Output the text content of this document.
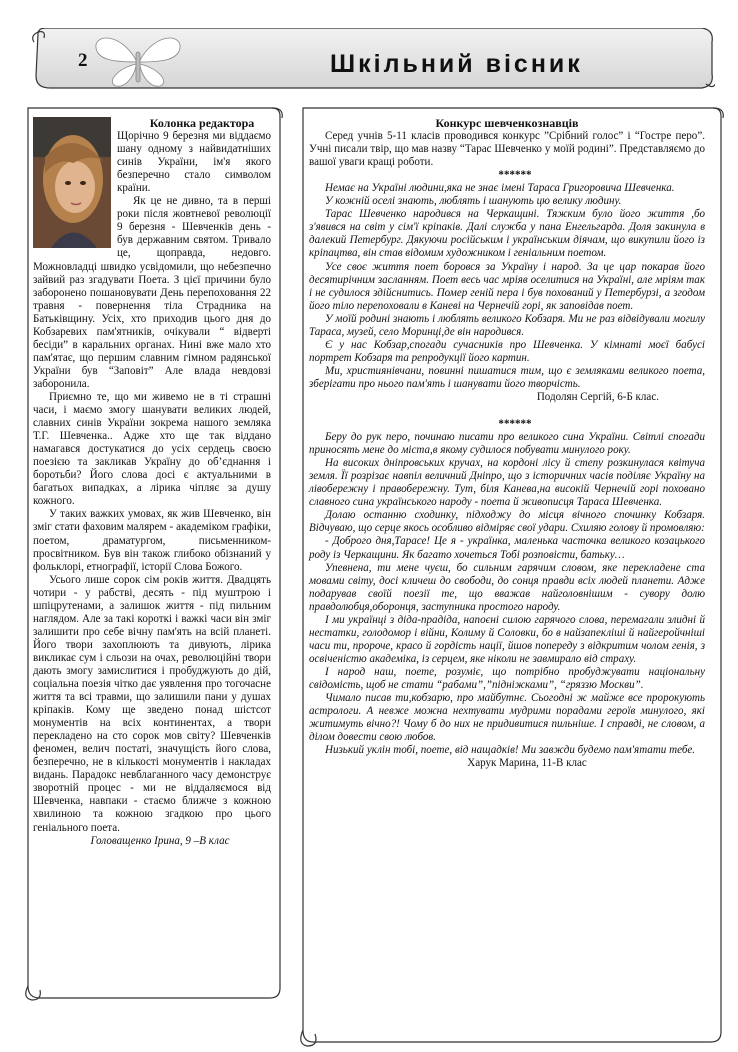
2	Шкільний вісник

Колонка редактора

Щорічно 9 березня ми віддаємо шану одному з найвидатніших синів України, ім'я якого безперечно стало символом країни.

Як це не дивно, та в перші роки після жовтневої революції 9 березня - Шевченків день - був державним святом. Тривало це, щоправда, недовго. Можновладці швидко усвідомили, що небезпечно зайвий раз згадувати Поета. З цієї причини було заборонено пошановувати День перепоховання 22 травня - повернення тіла Страдника на Батьківщину. Усіх, хто приходив цього дня до Кобзаревих пам'ятників, очікували “ відверті бесіди” в каральних органах. Нині вже мало хто пам'ятає, що першим славним гімном радянської України був “Заповіт” Але влада невдовзі заборонила.

Приємно те, що ми живемо не в ті страшні часи, і маємо змогу шанувати великих людей, славних синів України зокрема нашого земляка Т.Г. Шевченка.. Адже хто ще так віддано намагався достукатися до усіх сердець своєю поезією та закликав Україну до об’єднання і боротьби? Його слова досі є актуальними в багатьох випадках, а лірика чіпляє за душу кожного.

У таких важких умовах, як жив Шевченко, він зміг стати фаховим малярем - академіком графіки, поетом, драматургом, письменником-просвітником. Був він також глибоко обізнаний у фольклорі, етнографії, історії Слова Божого.

Усього лише сорок сім років життя. Двадцять чотири - у рабстві, десять - під муштрою і шпіцрутенами, а залишок життя - під пильним наглядом. Але за такі короткі і важкі часи він зміг залишити про себе вічну пам'ять на всій планеті. Його твори захоплюють та дивують, лірика викликає сум і сльози на очах, революційні твори дають змогу замислитися і пробуджують до дій, соціальна поезія чітко дає уявлення про тогочасне життя та всі травми, що залишили пани у душах кріпаків. Кому ще зведено понад шістсот монументів на всіх континентах, а твори перекладено на сто сорок мов світу? Шевченків феномен, велич постаті, значущість його слова, безперечно, не в кількості монументів і накладах видань. Парадокс невблаганного часу демонструє зворотній процес - ми не віддаляємося від Шевченка, навпаки - стаємо ближче з кожною хвилиною та кожною згадкою про цього геніального поета.

Головащенко Ірина, 9 –В клас

Конкурс шевченкознавців

Серед учнів 5-11 класів проводився конкурс ”Срібний голос” і “Гостре перо”. Учні писали твір, що мав назву “Тарас Шевченко у моїй родині”. Представляємо до вашої уваги кращі роботи.

******

Немає на Україні людини,яка не знає імені Тараса Григоровича Шевченка.

У кожній оселі знають, люблять і шанують цю велику людину.

Тарас Шевченко народився на Черкащині. Тяжким було його життя ,бо з'явився на світ у сім'ї кріпаків. Далі служба у пана Енгельгарда. Доля закинула в далекий Петербург. Дякуючи російським і українським діячам, що викупили його із кріпацтва, він став відомим художником і геніальним поетом.

Усе своє життя поет боровся за Україну і народ. За це цар покарав його десятирічним засланням. Поет весь час мріяв оселитися на Україні, але мріям так і не судилося здійснитись. Помер геній пера і був похований у Петербурзі, а згодом його тіло перепоховали в Каневі на Чернечій горі, як заповідав поет.

У моїй родині знають і люблять великого Кобзаря. Ми не раз відвідували могилу Тараса, музей, село Моринці,де він народився.

Є у нас Кобзар,спогади сучасників про Шевченка. У кімнаті моєї бабусі портрет Кобзаря та репродукції його картин.

Ми, християнівчани, повинні пишатися тим, що є земляками великого поета, зберігати про нього пам'ять і шанувати його творчість.

Подолян Сергій, 6-Б клас.

******

Беру до рук перо, починаю писати про великого сина України. Світлі спогади приносять мене до міста,в якому судилося побувати минулого року.

На високих дніпровських кручах, на кордоні лісу й степу розкинулася квітуча земля. Її розрізає навпіл величний Дніпро, що з історичних часів поділяє Україну на лівобережну і правобережну. Тут, біля Канева,на високій Чернечій горі поховано славного сина українського народу - поета й живописця Тараса Шевченка.

Долаю останню сходинку, підходжу до місця вічного спочинку Кобзаря. Відчуваю, що серце якось особливо відміряє свої удари. Схиляю голову й промовляю:

- Доброго дня,Тарасе! Це я - українка, маленька часточка великого козацького роду із Черкащини. Як багато хочеться Тобі розповісти, батьку…

Упевнена, ти мене чуєш, бо сильним гарячим словом, яке перекладене ста мовами світу, досі кличеш до свободи, до сонця правди всіх людей планети. Адже подарував своїй поезії те, що вважав найголовнішим - сувору долю правдолюбця,оборонця, заступника простого народу.

І ми українці з діда-прадіда, напоєні силою гарячого слова, перемагали злидні й нестатки, голодомор і війни, Колиму й Соловки, бо в найзапекліші й найгеройчніші часи ти, пророче, красо й гордість нації, йшов попереду з відкритим чолом генія, з освіченістю академіка, із серцем, яке ніколи не завмирало від страху.

І народ наш, поете, розуміє, що потрібно пробуджувати національну свідомість, щоб не стати “рабами”,”підніжками”, “гряззю Москви”.

Чимало писав ти,кобзарю, про майбутнє. Сьогодні ж майже все пророкують астрологи. А невже можна нехтувати мудрими порадами героїв минулого, які житимуть вічно?! Чому б до них не придивитися пильніше. І справді, не словом, а ділом довести свою любов.

Низький уклін тобі, поете, від нащадків! Ми завжди будемо пам'ятати тебе.

Харук Марина, 11-В клас
